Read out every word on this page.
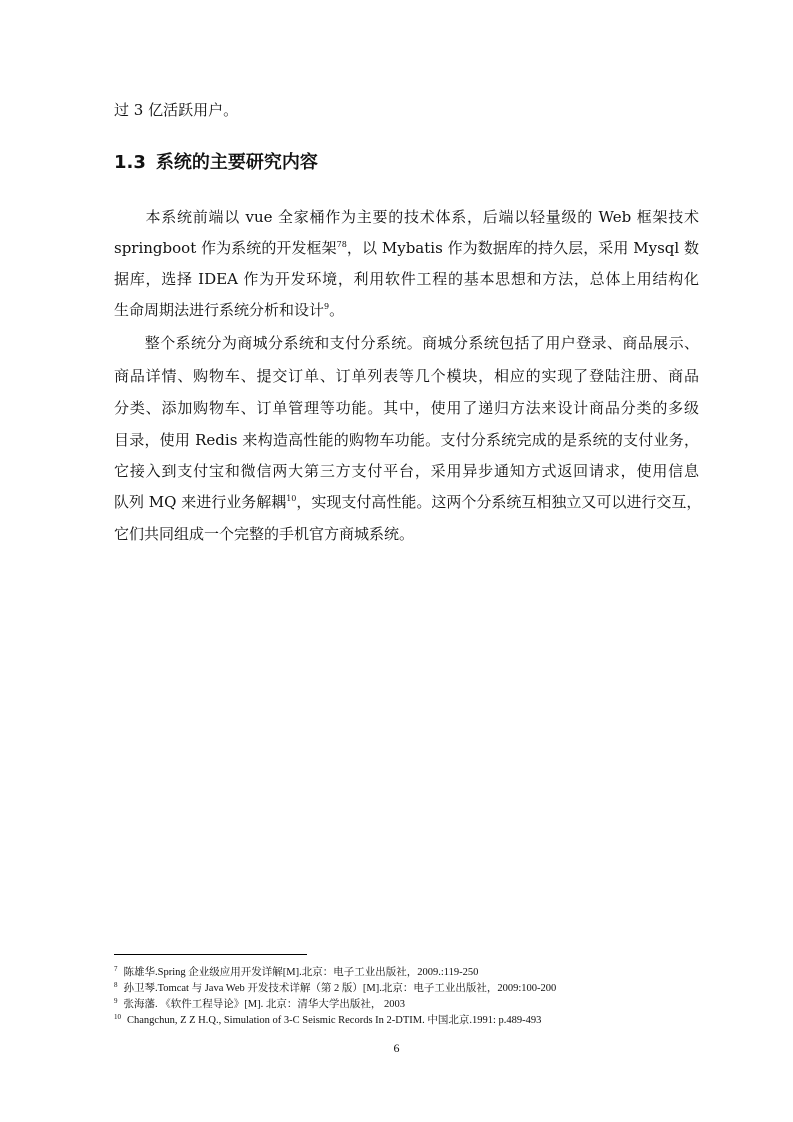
过 3 亿活跃用户。
1.3 系统的主要研究内容
　　本系统前端以 vue 全家桶作为主要的技术体系，后端以轻量级的 Web 框架技术
springboot 作为系统的开发框架$^{78}$，以 Mybatis 作为数据库的持久层，采用 Mysql 数
据库，选择 IDEA 作为开发环境，利用软件工程的基本思想和方法，总体上用结构化
生命周期法进行系统分析和设计$^9$。
　　整个系统分为商城分系统和支付分系统。商城分系统包括了用户登录、商品展示、
商品详情、购物车、提交订单、订单列表等几个模块，相应的实现了登陆注册、商品
分类、添加购物车、订单管理等功能。其中，使用了递归方法来设计商品分类的多级
目录，使用 Redis 来构造高性能的购物车功能。支付分系统完成的是系统的支付业务，
它接入到支付宝和微信两大第三方支付平台，采用异步通知方式返回请求，使用信息
队列 MQ 来进行业务解耦$^{10}$，实现支付高性能。这两个分系统互相独立又可以进行交互，
它们共同组成一个完整的手机官方商城系统。
$^7$ 陈雄华.Spring 企业级应用开发详解[M].北京：电子工业出版社，2009.:119-250
$^8$ 孙卫琴.Tomcat 与 Java Web 开发技术详解（第 2 版）[M].北京：电子工业出版社，2009:100-200
$^9$ 张海藩. 《软件工程导论》[M]. 北京：清华大学出版社， 2003
$^{10}$ Changchun, Z Z H.Q., Simulation of 3-C Seismic Records In 2-DTIM. 中国北京.1991: p.489-493
6
